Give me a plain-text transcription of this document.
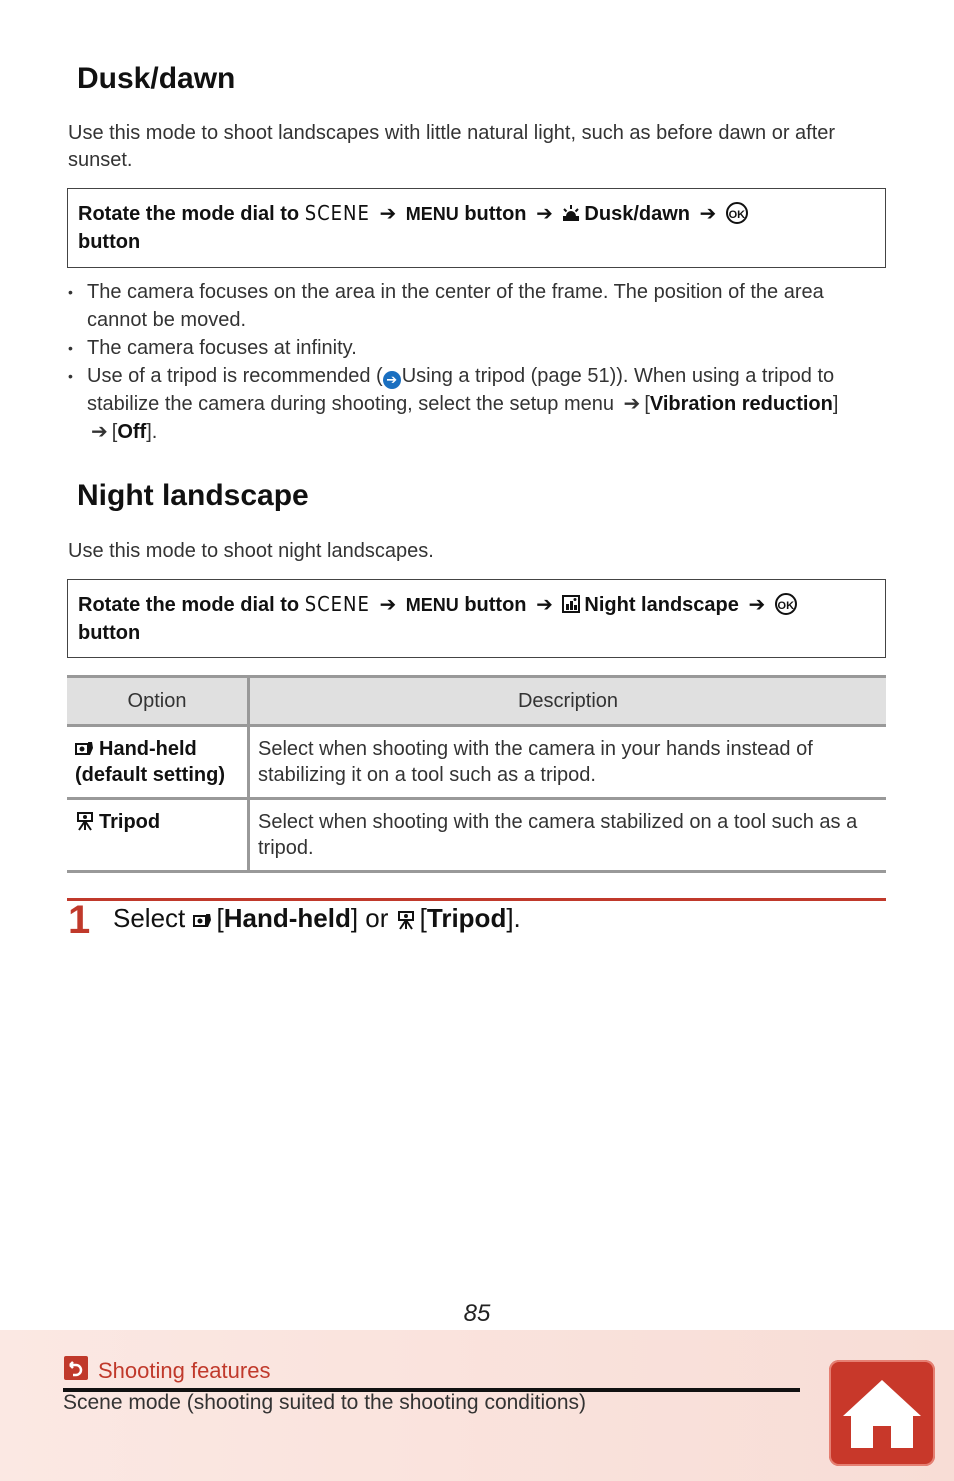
Dusk/dawn

Use this mode to shoot landscapes with little natural light, such as before dawn or after sunset.

Rotate the mode dial to SCENE ➔ MENU button ➔ Dusk/dawn ➔ OK
button
• The camera focuses on the area in the center of the frame. The position of the area cannot be moved.
• The camera focuses at infinity.
• Use of a tripod is recommended ( ➔ Using a tripod (page 51)). When using a tripod to stabilize the camera during shooting, select the setup menu ➔ [Vibration reduction] ➔ [Off].
Night landscape

Use this mode to shoot night landscapes.

Rotate the mode dial to SCENE ➔ MENU button ➔ Night landscape ➔ OK
button
Option	Description
Hand-held (default setting)	Select when shooting with the camera in your hands instead of stabilizing it on a tool such as a tripod.
Tripod	Select when shooting with the camera stabilized on a tool such as a tripod.
1 Select [Hand-held] or [Tripod].
85
Shooting features
Scene mode (shooting suited to the shooting conditions)
